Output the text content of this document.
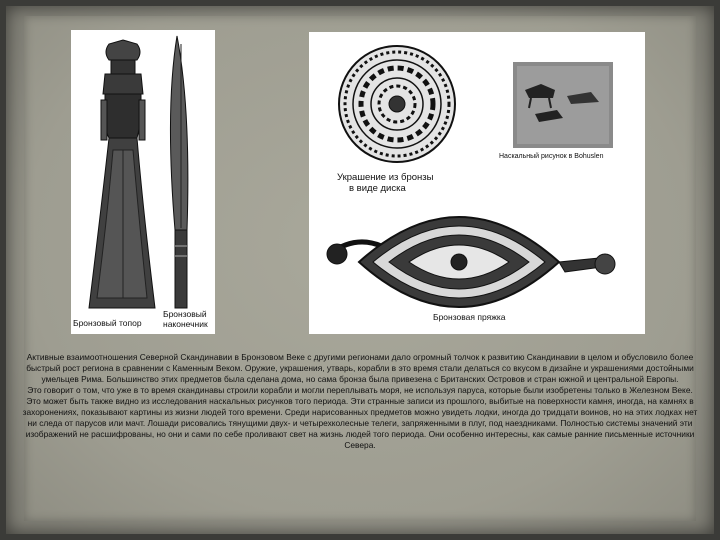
Бронзовый топор
Бронзовый
наконечник
Украшение из бронзы
в виде диска
Наскальный рисунок в Bohuslen
Бронзовая пряжка

Активные взаимоотношения Северной Скандинавии в Бронзовом Веке с другими регионами дало огромный толчок к развитию Скандинавии в целом и обусловило более быстрый рост региона в сравнении с Каменным Веком. Оружие, украшения, утварь, корабли в это время стали делаться со вкусом в дизайне и украшениями достойными умельцев Рима. Большинство этих предметов была сделана дома, но сама бронза была привезена с Британских Островов и стран южной и центральной Европы.

Это говорит о том, что уже в то время скандинавы строили корабли и могли переплывать моря, не используя паруса, которые были изобретены только в Железном Веке. Это может быть также видно из исследования наскальных рисунков того периода. Эти странные записи из прошлого, выбитые на поверхности камня, иногда, на камнях в захоронениях, показывают картины из жизни людей того времени. Среди нарисованных предметов можно увидеть лодки, иногда до тридцати воинов, но на этих лодках нет ни следа от парусов или мачт. Лошади рисовались тянущими двух- и четырехколесные телеги, запряженными в плуг, под наездниками. Полностью системы значений эти изображений не расшифрованы, но они и сами по себе проливают свет на жизнь людей того периода. Они особенно интересны, как самые ранние письменные источники Севера.
